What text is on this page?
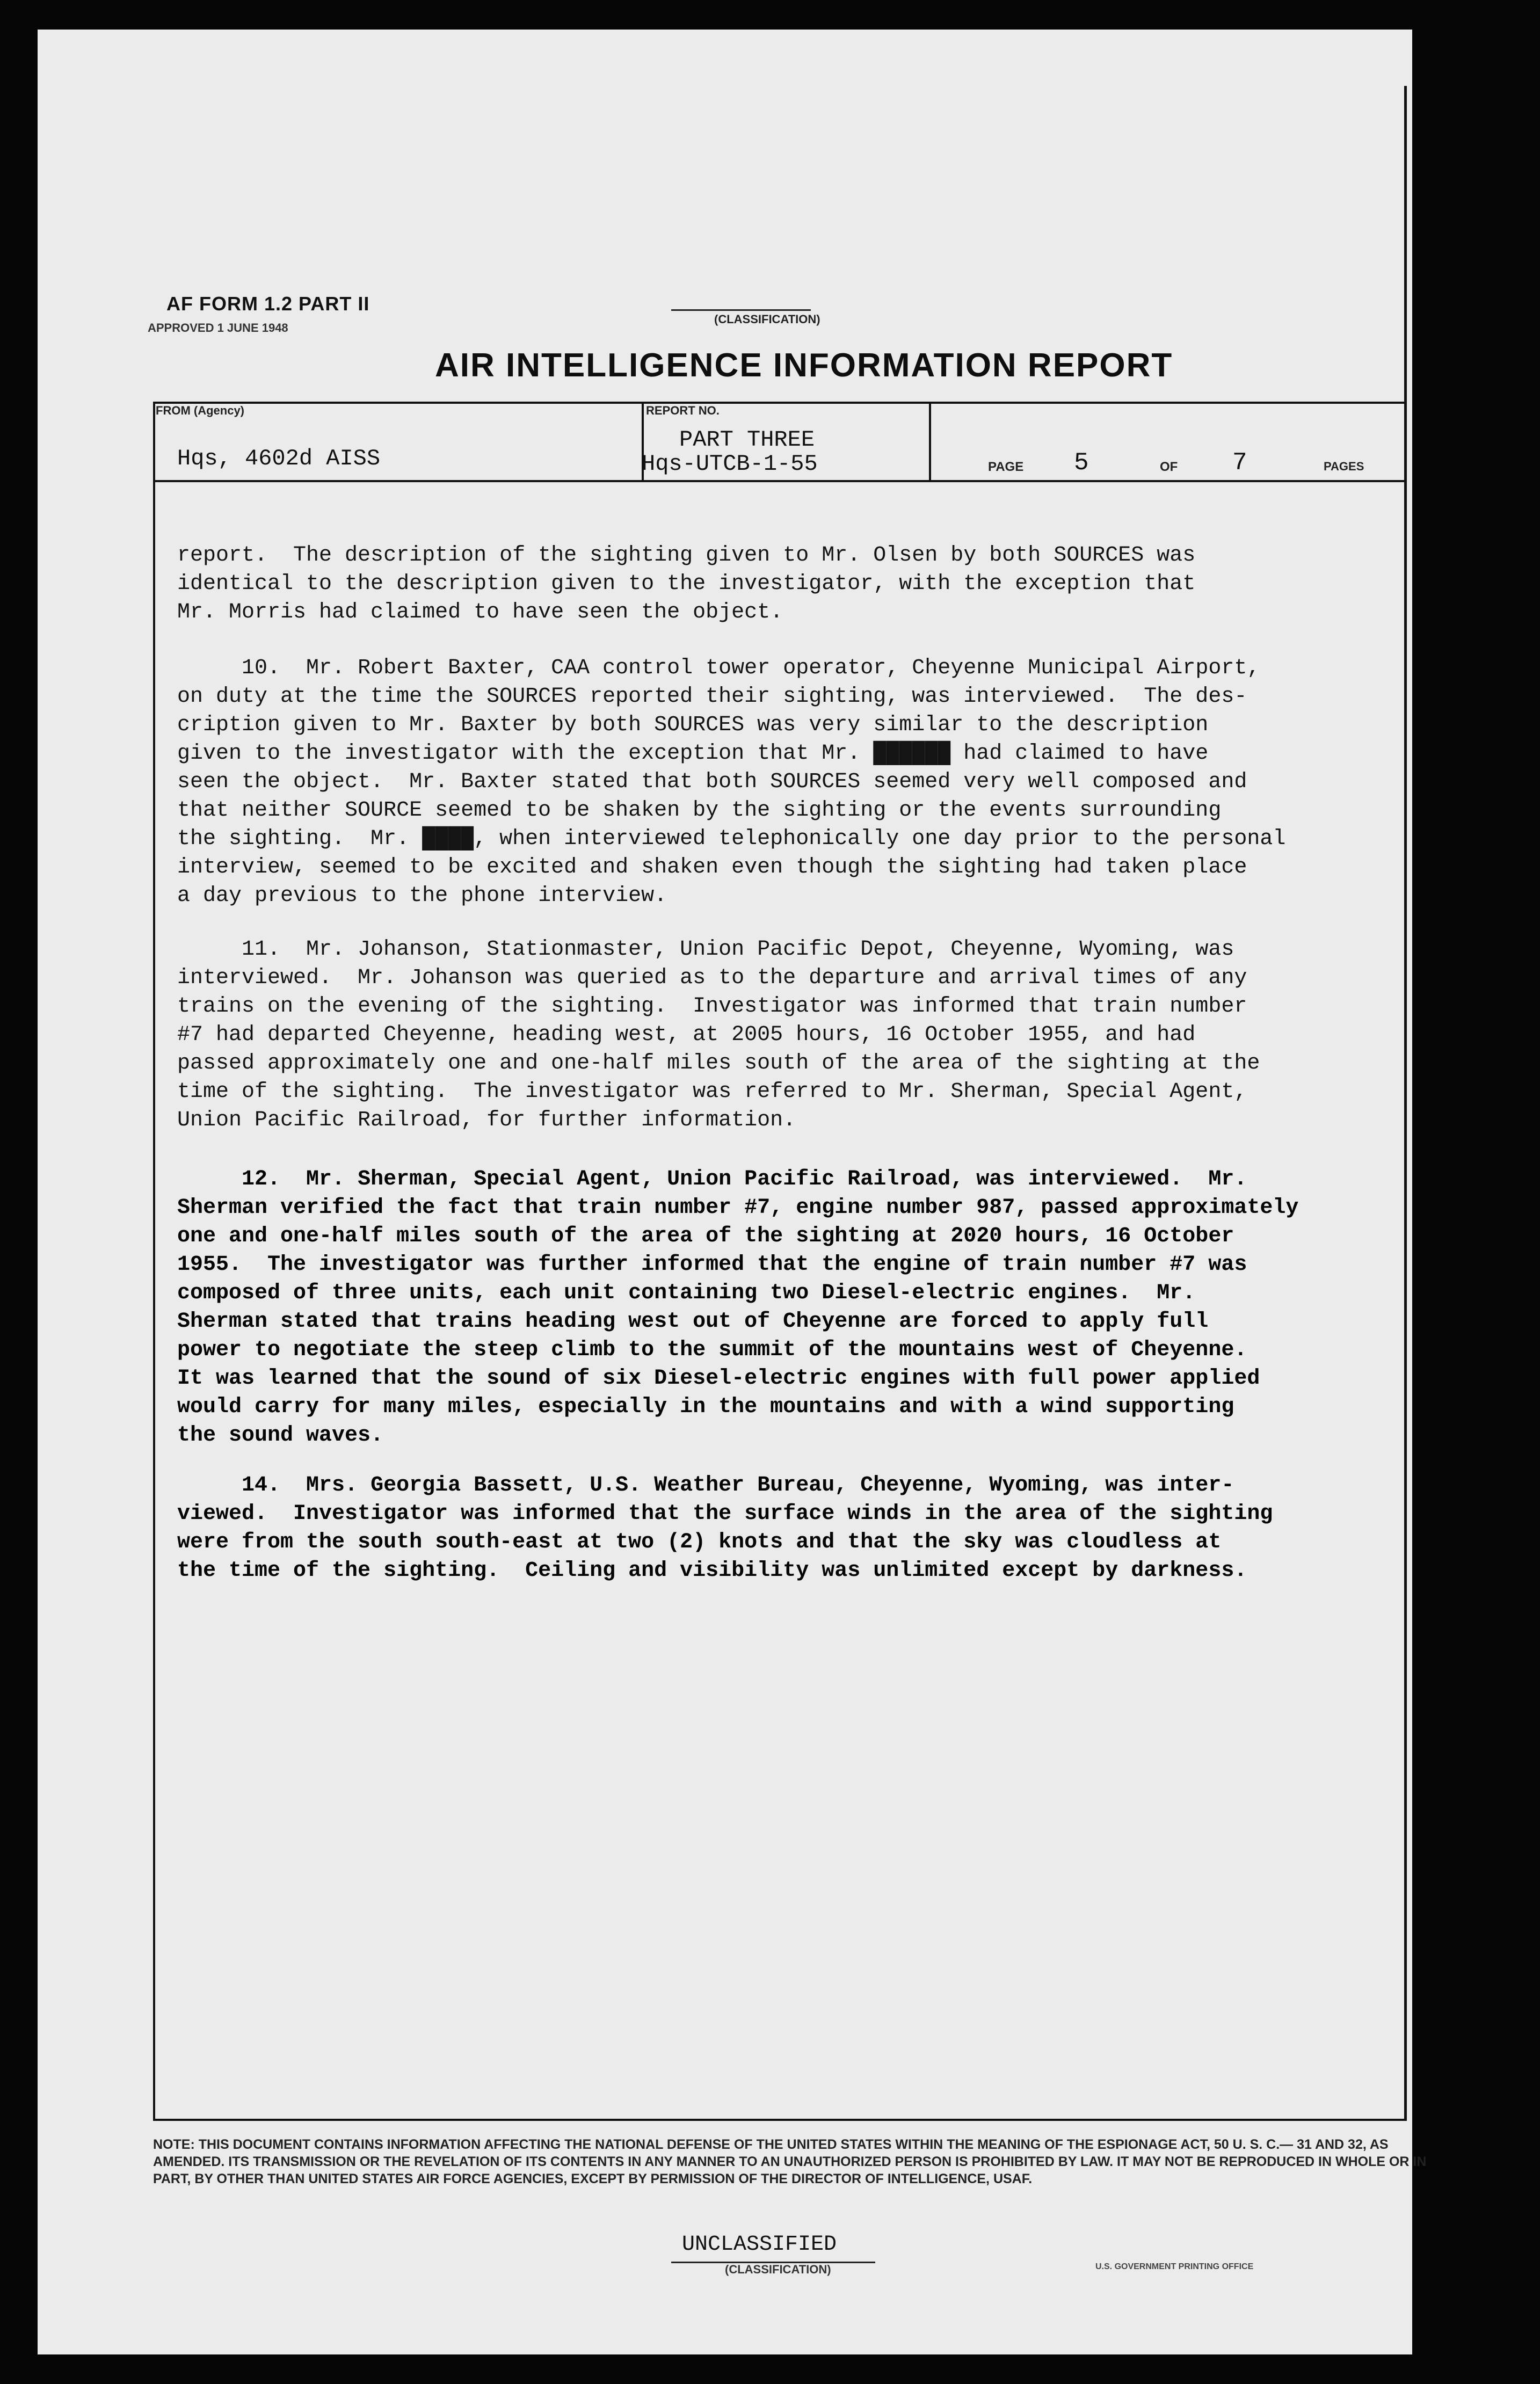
AF FORM 1.2 PART II
APPROVED 1 JUNE 1948
(CLASSIFICATION)
AIR INTELLIGENCE INFORMATION REPORT
FROM (Agency)
Hqs, 4602d AISS
REPORT NO.
PART THREE
Hqs-UTCB-1-55	PAGE 5	OF 7	PAGES

report.  The description of the sighting given to Mr. Olsen by both SOURCES was
identical to the description given to the investigator, with the exception that
Mr. Morris had claimed to have seen the object.

10.  Mr. Robert Baxter, CAA control tower operator, Cheyenne Municipal Airport,
on duty at the time the SOURCES reported their sighting, was interviewed.  The des-
cription given to Mr. Baxter by both SOURCES was very similar to the description
given to the investigator with the exception that Mr. ██████ had claimed to have
seen the object.  Mr. Baxter stated that both SOURCES seemed very well composed and
that neither SOURCE seemed to be shaken by the sighting or the events surrounding
the sighting.  Mr. ████, when interviewed telephonically one day prior to the personal
interview, seemed to be excited and shaken even though the sighting had taken place
a day previous to the phone interview.

11.  Mr. Johanson, Stationmaster, Union Pacific Depot, Cheyenne, Wyoming, was
interviewed.  Mr. Johanson was queried as to the departure and arrival times of any
trains on the evening of the sighting.  Investigator was informed that train number
#7 had departed Cheyenne, heading west, at 2005 hours, 16 October 1955, and had
passed approximately one and one-half miles south of the area of the sighting at the
time of the sighting.  The investigator was referred to Mr. Sherman, Special Agent,
Union Pacific Railroad, for further information.

12.  Mr. Sherman, Special Agent, Union Pacific Railroad, was interviewed.  Mr.
Sherman verified the fact that train number #7, engine number 987, passed approximately
one and one-half miles south of the area of the sighting at 2020 hours, 16 October
1955.  The investigator was further informed that the engine of train number #7 was
composed of three units, each unit containing two Diesel-electric engines.  Mr.
Sherman stated that trains heading west out of Cheyenne are forced to apply full
power to negotiate the steep climb to the summit of the mountains west of Cheyenne.
It was learned that the sound of six Diesel-electric engines with full power applied
would carry for many miles, especially in the mountains and with a wind supporting
the sound waves.

14.  Mrs. Georgia Bassett, U.S. Weather Bureau, Cheyenne, Wyoming, was inter-
viewed.  Investigator was informed that the surface winds in the area of the sighting
were from the south south-east at two (2) knots and that the sky was cloudless at
the time of the sighting.  Ceiling and visibility was unlimited except by darkness.

NOTE: THIS DOCUMENT CONTAINS INFORMATION AFFECTING THE NATIONAL DEFENSE OF THE UNITED STATES WITHIN THE MEANING OF THE ESPIONAGE ACT, 50 U. S. C.— 31 AND 32, AS AMENDED. ITS TRANSMISSION OR THE REVELATION OF ITS CONTENTS IN ANY MANNER TO AN UNAUTHORIZED PERSON IS PROHIBITED BY LAW. IT MAY NOT BE REPRODUCED IN WHOLE OR IN PART, BY OTHER THAN UNITED STATES AIR FORCE AGENCIES, EXCEPT BY PERMISSION OF THE DIRECTOR OF INTELLIGENCE, USAF.
UNCLASSIFIED
(CLASSIFICATION)	U.S. GOVERNMENT PRINTING OFFICE
